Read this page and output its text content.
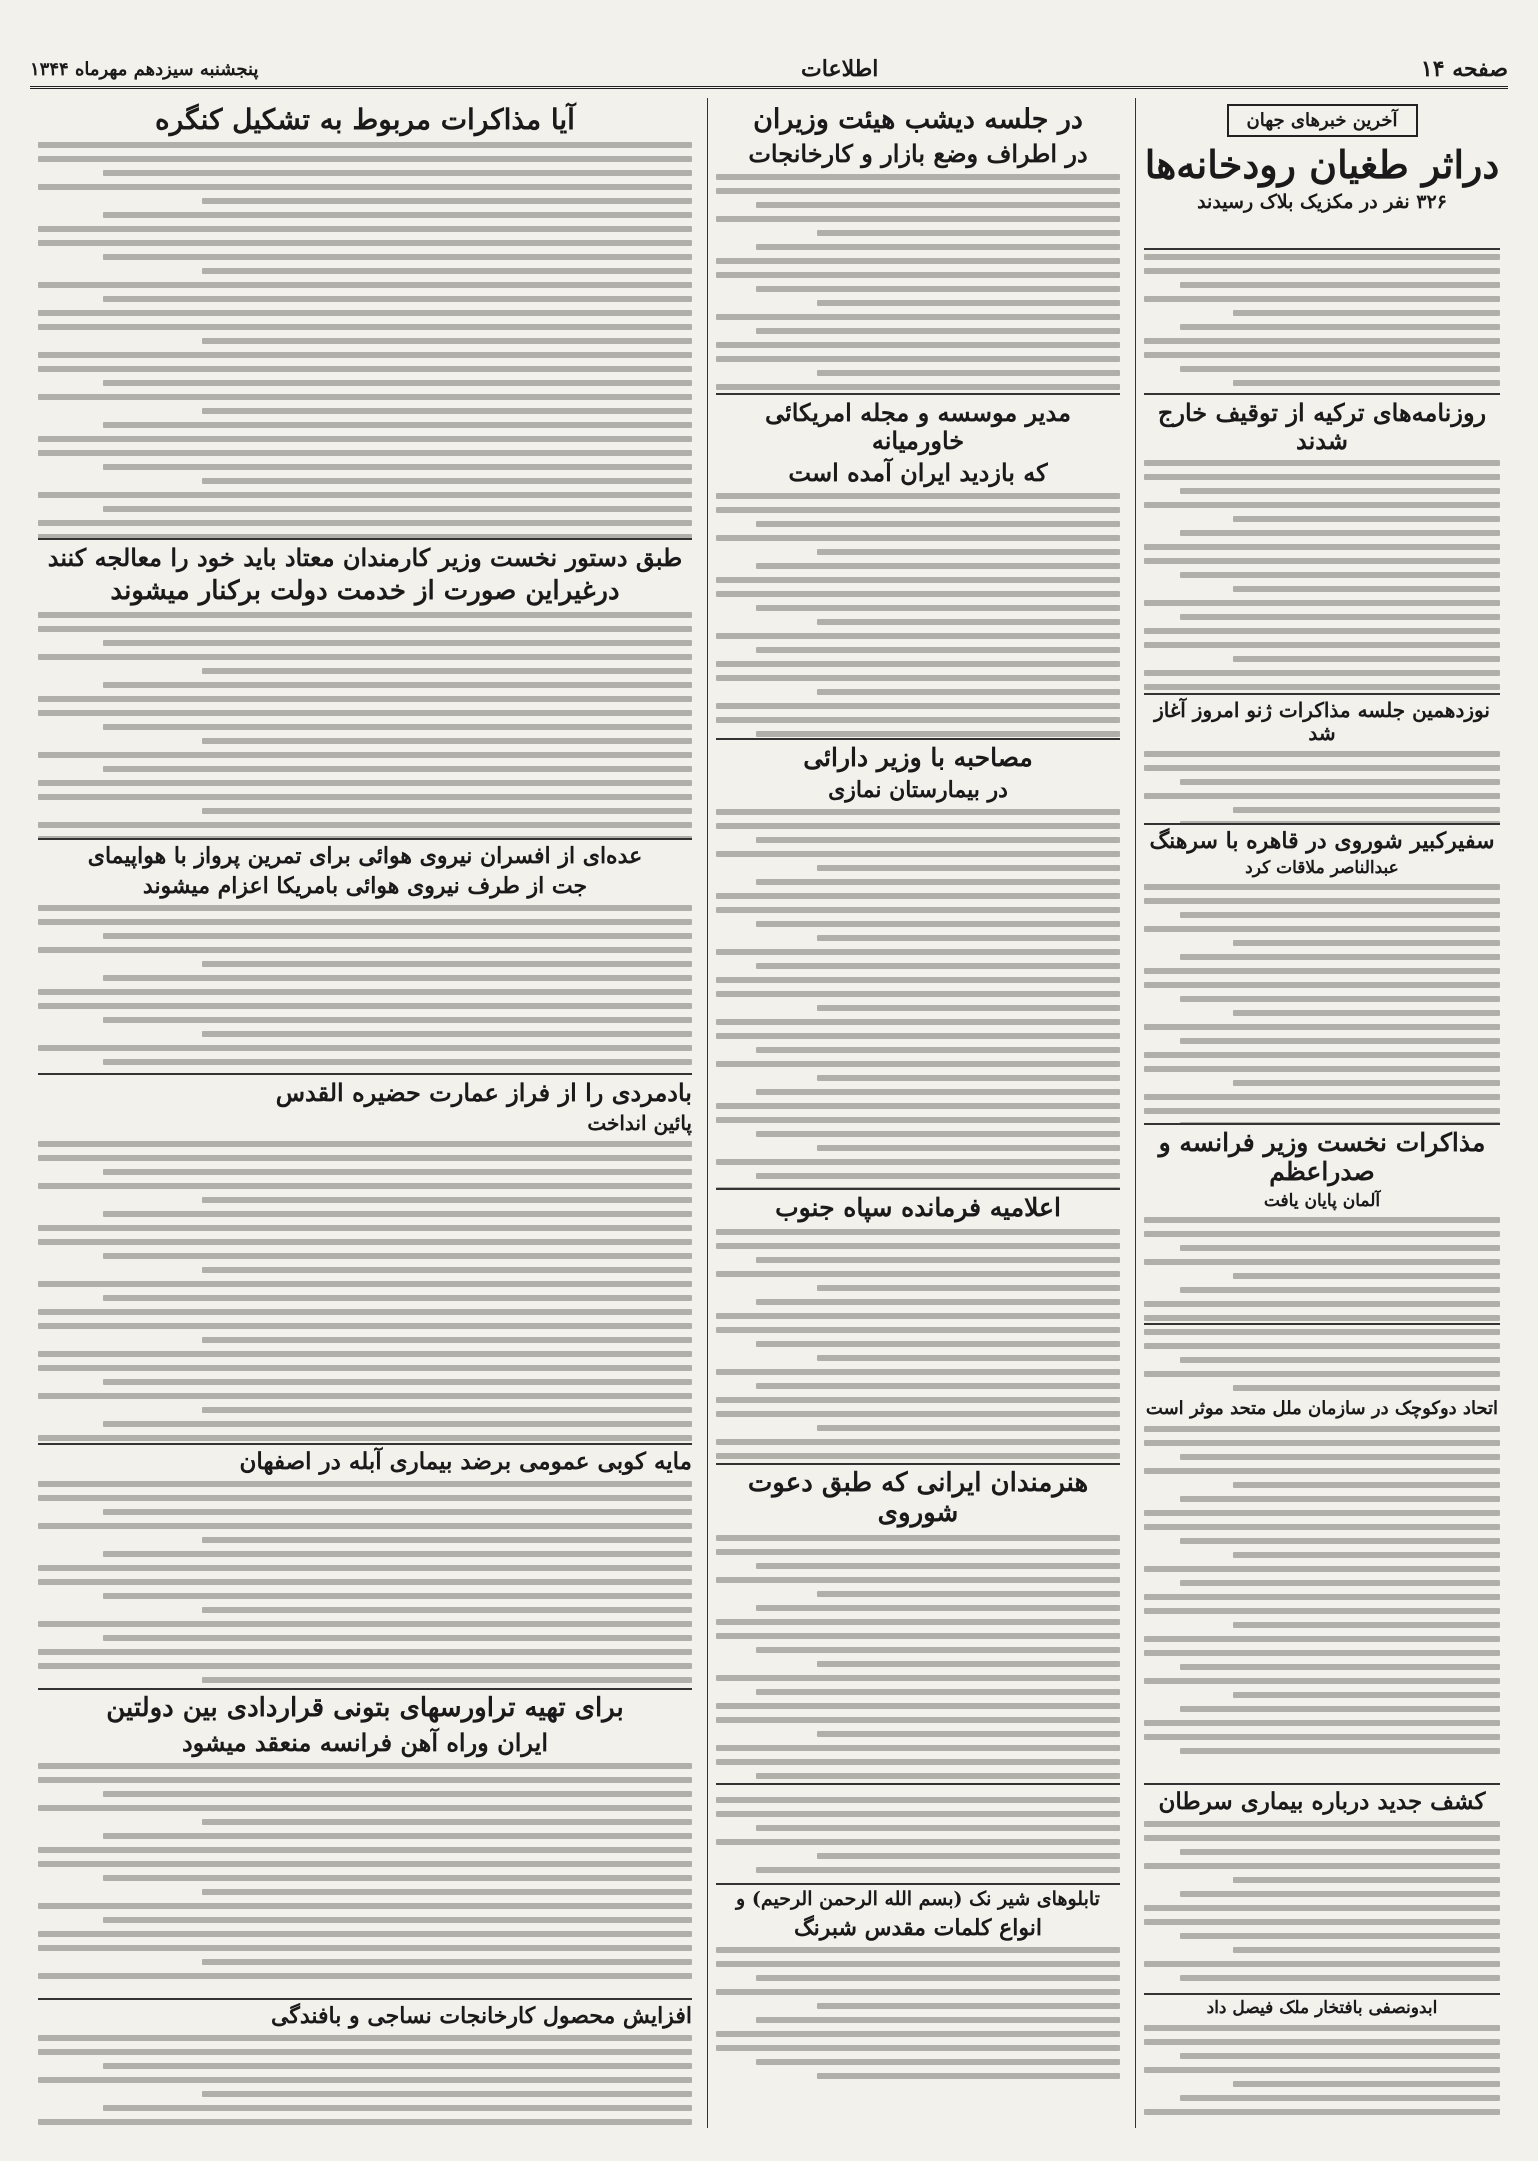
صفحه ۱۴
اطلاعات
پنجشنبه سیزدهم مهرماه ۱۳۴۴
آخرین خبرهای جهان
دراثر طغیان رودخانه‌ها
۳۲۶ نفر در مکزیک بلاک رسیدند
روزنامه‌های ترکیه از توقیف خارج شدند
نوزدهمین جلسه مذاکرات ژنو امروز آغاز شد
سفیرکبیر شوروی در قاهره با سرهنگ
عبدالناصر ملاقات کرد
مذاکرات نخست وزیر فرانسه و صدراعظم
آلمان پایان یافت
اتحاد دوکوچک در سازمان ملل متحد موثر است
کشف جدید درباره بیماری سرطان
ابدونصفی بافتخار ملک فیصل داد
در جلسه دیشب هیئت وزیران
در اطراف وضع بازار و کارخانجات
مدیر موسسه و مجله امریکائی خاورمیانه
که بازدید ایران آمده است
مصاحبه با وزیر دارائی
در بیمارستان نمازی
اعلامیه فرمانده سپاه جنوب
هنرمندان ایرانی که طبق دعوت شوروی
تابلوهای شیر نک (بسم الله الرحمن الرحیم) و
انواع کلمات مقدس شبرنگ
آیا مذاکرات مربوط به تشکیل کنگره
طبق دستور نخست وزیر کارمندان معتاد باید خود را معالجه کنند
درغیراین صورت از خدمت دولت برکنار میشوند
عده‌ای از افسران نیروی هوائی برای تمرین پرواز با هواپیمای
جت از طرف نیروی هوائی بامریکا اعزام میشوند
بادمردی را از فراز عمارت حضیره القدس
پائین انداخت
مایه کوبی عمومی برضد بیماری آبله در اصفهان
برای تهیه تراورسهای بتونی قراردادی بین دولتین
ایران وراه آهن فرانسه منعقد میشود
افزایش محصول کارخانجات نساجی و بافندگی
